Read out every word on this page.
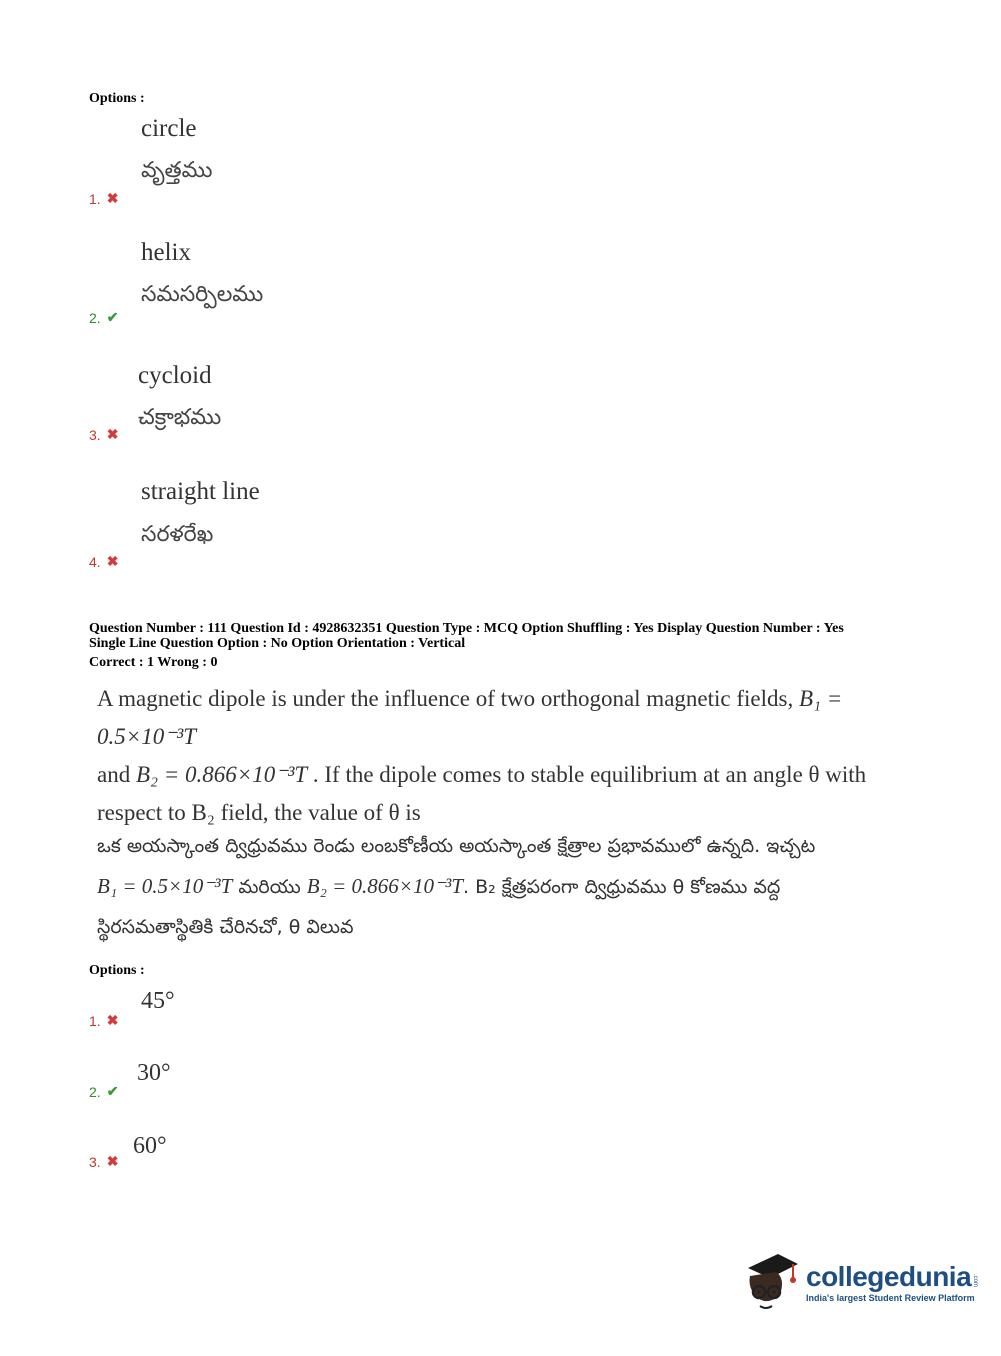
Options :
circle
వృత్తము
1. ✖
helix
సమసర్పిలము
2. ✔
cycloid
చక్రాభము
3. ✖
straight line
సరళరేఖ
4. ✖
Question Number : 111 Question Id : 4928632351 Question Type : MCQ Option Shuffling : Yes Display Question Number : Yes
Single Line Question Option : No Option Orientation : Vertical
Correct : 1 Wrong : 0
A magnetic dipole is under the influence of two orthogonal magnetic fields, B₁ = 0.5×10⁻³T
and B₂ = 0.866×10⁻³T . If the dipole comes to stable equilibrium at an angle θ with respect to B₂ field, the value of θ is
ఒక అయస్కాంత ద్విధ్రువము రెండు లంబకోణీయ అయస్కాంత క్షేత్రాల ప్రభావములో ఉన్నది. ఇచ్చట
B₁ = 0.5×10⁻³T మరియు B₂ = 0.866×10⁻³T. B₂ క్షేత్రపరంగా ద్విధ్రువము θ కోణము వద్ద స్థిరసమతాస్థితికి చేరినచో, θ విలువ
Options :
45°
1. ✖
30°
2. ✔
60°
3. ✖
collegedunia .com
India's largest Student Review Platform
